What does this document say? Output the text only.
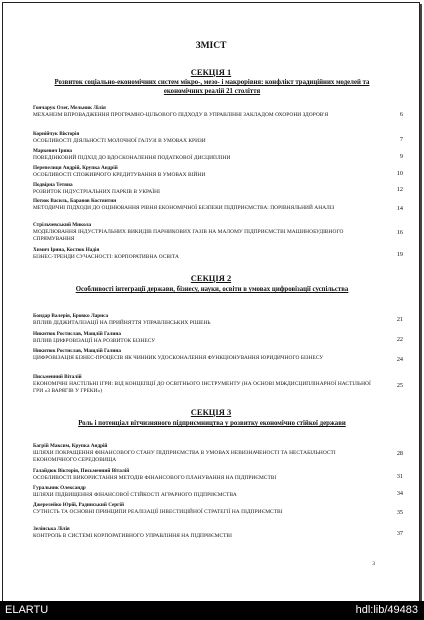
ЗМІСТ
СЕКЦІЯ 1
Розвиток соціально-економічних систем мікро-, мезо- і макрорівня: конфлікт традиційних моделей та економічних реалій 21 століття
Гончарук Олег, Мельник Лілія
МЕХАНІЗМ ВПРОВАДЖЕННЯ ПРОГРАМНО-ЦІЛЬОВОГО ПІДХОДУ В УПРАВЛІННІ ЗАКЛАДОМ ОХОРОНИ ЗДОРОВ'Я	6
Корнійчук Вікторія
ОСОБЛИВОСТІ ДІЯЛЬНОСТІ МОЛОЧНОЇ ГАЛУЗІ В УМОВАХ КРИЗИ	7
Маркевич Ірина
ПОВЕДІНКОВИЙ ПІДХІД ДО ВДОСКОНАЛЕННЯ ПОДАТКОВОЇ ДИСЦИПЛІНИ	9
Перепелиця Андрій, Крупка Андрій
ОСОБЛИВОСТІ СПОЖИВЧОГО КРЕДИТУВАННЯ В УМОВАХ ВІЙНИ	10
Подвірна Тетяна
РОЗВИТОК ІНДУСТРІАЛЬНИХ ПАРКІВ В УКРАЇНІ	12
Потюк Василь, Баранов Костянтин
МЕТОДИЧНІ ПІДХОДИ ДО ОЦІНЮВАННЯ РІВНЯ ЕКОНОМІЧНОЇ БЕЗПЕКИ ПІДПРИЄМСТВА: ПОРІВНЯЛЬНИЙ АНАЛІЗ	14
Стрільчевський Микола
МОДЕЛЮВАННЯ ІНДУСТРІАЛЬНИХ ВИКИДІВ ПАРНИКОВИХ ГАЗІВ НА МАЛОМУ ПІДПРИЄМСТВІ МАШИНОБУДІВНОГО СПРЯМУВАННЯ
16
Химич Ірина, Костюк Надія
БІЗНЕС-ТРЕНДИ СУЧАСНОСТІ: КОРПОРАТИВНА ОСВІТА	19
СЕКЦІЯ 2
Особливості інтеграції держави, бізнесу, науки, освіти в умовах цифровізації суспільства
Бондар Валерія, Бровко Лариса
ВПЛИВ ДІДЖИТАЛІЗАЦІЇ НА ПРИЙНЯТТЯ УПРАВЛІНСЬКИХ РІШЕНЬ	21
Никитюк Ростислав, Мащлій Галина
ВПЛИВ ЦИФРОВІЗАЦІЇ НА РОЗВИТОК БІЗНЕСУ	22
Никитюк Ростислав, Мащлій Галина
ЦИФРОВІЗАЦІЯ БІЗНЕС-ПРОЦЕСІВ ЯК ЧИННИК УДОСКОНАЛЕННЯ ФУНКЦІОНУВАННЯ ЮРИДИЧНОГО БІЗНЕСУ	24
Письменний Віталій
ЕКОНОМІЧНІ НАСТІЛЬНІ ІГРИ: ВІД КОНЦЕПЦІЇ ДО ОСВІТНЬОГО ІНСТРУМЕНТУ (НА ОСНОВІ МІЖДИСЦИПЛІНАРНОЇ НАСТІЛЬНОЇ ГРИ «З ВАРЯГІВ У ГРЕКИ»)
25
СЕКЦІЯ 3
Роль і потенціал вітчизняного підприємництва у розвитку економічно стійкої держави
Багрій Максим, Крупка Андрій
ШЛЯХИ ПОКРАЩЕННЯ ФІНАНСОВОГО СТАНУ ПІДПРИЄМСТВА В УМОВАХ НЕВИЗНАЧЕНОСТІ ТА НЕСТАБІЛЬНОСТІ ЕКОНОМІЧНОГО СЕРЕДОВИЩА
28
Галайдюк Вікторія, Письменний Віталій
ОСОБЛИВОСТІ ВИКОРИСТАННЯ МЕТОДІВ ФІНАНСОВОГО ПЛАНУВАННЯ НА ПІДПРИЄМСТВІ	31
Гуральник Олександр
ШЛЯХИ ПІДВИЩЕННЯ ФІНАНСОВОЇ СТІЙКОСТІ АГРАРНОГО ПІДПРИЄМСТВА	34
Джерелейко Юрій, Радинський Сергій
СУТНІСТЬ ТА ОСНОВНІ ПРИНЦИПИ РЕАЛІЗАЦІЇ ІНВЕСТИЦІЙНОЇ СТРАТЕГІЇ НА ПІДПРИЄМСТВІ	35
Зелінська Лілія
КОНТРОЛЬ В СИСТЕМІ КОРПОРАТИВНОГО УПРАВЛІННЯ НА ПІДПРИЄМСТВІ	37
3
ELARTU	hdl:lib/49483
